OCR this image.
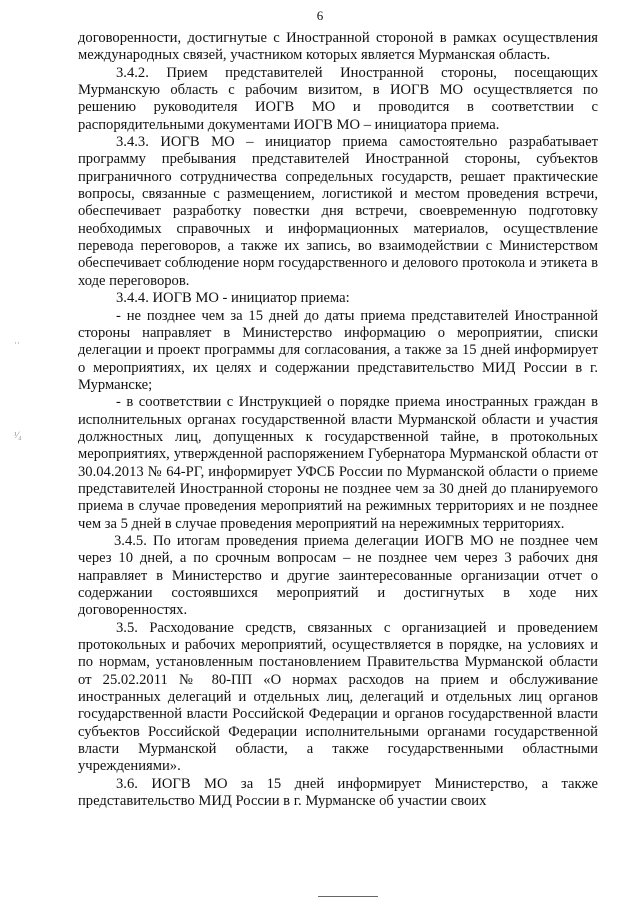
6

договоренности, достигнутые с Иностранной стороной в рамках осуществления международных связей, участником которых является Мурманская область.

3.4.2. Прием представителей Иностранной стороны, посещающих Мурманскую область с рабочим визитом, в ИОГВ МО осуществляется по решению руководителя ИОГВ МО и проводится в соответствии с распорядительными документами ИОГВ МО – инициатора приема.

3.4.3. ИОГВ МО – инициатор приема самостоятельно разрабатывает программу пребывания представителей Иностранной стороны, субъектов приграничного сотрудничества сопредельных государств, решает практические вопросы, связанные с размещением, логистикой и местом проведения встречи, обеспечивает разработку повестки дня встречи, своевременную подготовку необходимых справочных и информационных материалов, осуществление перевода переговоров, а также их запись, во взаимодействии с Министерством обеспечивает соблюдение норм государственного и делового протокола и этикета в ходе переговоров.

3.4.4. ИОГВ МО - инициатор приема:

- не позднее чем за 15 дней до даты приема представителей Иностранной стороны направляет в Министерство информацию о мероприятии, списки делегации и проект программы для согласования, а также за 15 дней информирует о мероприятиях, их целях и содержании представительство МИД России в г. Мурманске;

- в соответствии с Инструкцией о порядке приема иностранных граждан в исполнительных органах государственной власти Мурманской области и участия должностных лиц, допущенных к государственной тайне, в протокольных мероприятиях, утвержденной распоряжением Губернатора Мурманской области от 30.04.2013 № 64-РГ, информирует УФСБ России по Мурманской области о приеме представителей Иностранной стороны не позднее чем за 30 дней до планируемого приема в случае проведения мероприятий на режимных территориях и не позднее чем за 5 дней в случае проведения мероприятий на нережимных территориях.

3.4.5. По итогам проведения приема делегации ИОГВ МО не позднее чем через 10 дней, а по срочным вопросам – не позднее чем через 3 рабочих дня направляет в Министерство и другие заинтересованные организации отчет о содержании состоявшихся мероприятий и достигнутых в ходе них договоренностях.

3.5. Расходование средств, связанных с организацией и проведением протокольных и рабочих мероприятий, осуществляется в порядке, на условиях и по нормам, установленным постановлением Правительства Мурманской области от 25.02.2011 № 80-ПП «О нормах расходов на прием и обслуживание иностранных делегаций и отдельных лиц, делегаций и отдельных лиц органов государственной власти Российской Федерации и органов государственной власти субъектов Российской Федерации исполнительными органами государственной власти Мурманской области, а также государственными областными учреждениями».

3.6. ИОГВ МО за 15 дней информирует Министерство, а также представительство МИД России в г. Мурманске об участии своих

··
¹⁄₄
